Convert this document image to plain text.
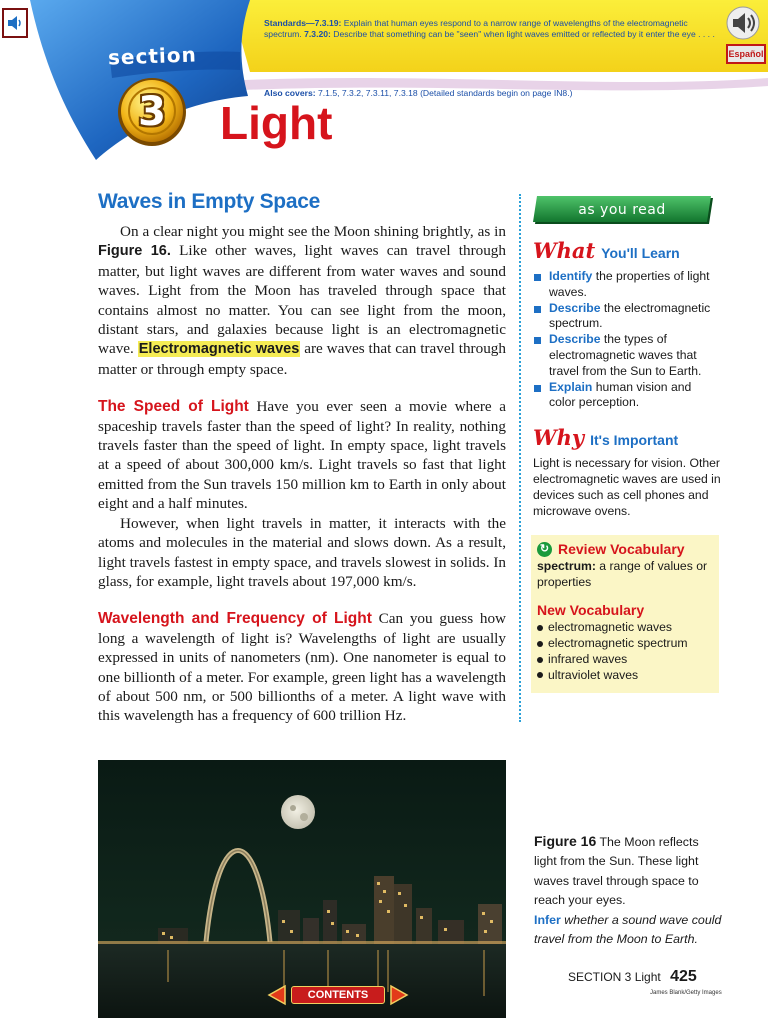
section
3
Standards—7.3.19: Explain that human eyes respond to a narrow range of wavelengths of the electromagnetic spectrum. 7.3.20: Describe that something can be "seen" when light waves emitted or reflected by it enter the eye . . . .
Also covers: 7.1.5, 7.3.2, 7.3.11, 7.3.18 (Detailed standards begin on page IN8.)
Light
Español
Waves in Empty Space

On a clear night you might see the Moon shining brightly, as in Figure 16. Like other waves, light waves can travel through matter, but light waves are different from water waves and sound waves. Light from the Moon has traveled through space that contains almost no matter. You can see light from the moon, distant stars, and galaxies because light is an electromagnetic wave. Electromagnetic waves are waves that can travel through matter or through empty space.

The Speed of Light Have you ever seen a movie where a spaceship travels faster than the speed of light? In reality, nothing travels faster than the speed of light. In empty space, light travels at a speed of about 300,000 km/s. Light travels so fast that light emitted from the Sun travels 150 million km to Earth in only about eight and a half minutes.

However, when light travels in matter, it interacts with the atoms and molecules in the material and slows down. As a result, light travels fastest in empty space, and travels slowest in solids. In glass, for example, light travels about 197,000 km/s.

Wavelength and Frequency of Light Can you guess how long a wavelength of light is? Wavelengths of light are usually expressed in units of nanometers (nm). One nanometer is equal to one billionth of a meter. For example, green light has a wavelength of about 500 nm, or 500 billionths of a meter. A light wave with this wavelength has a frequency of 600 trillion Hz.

as you read
What You'll Learn
Identify the properties of light waves.
Describe the electromagnetic spectrum.
Describe the types of electromagnetic waves that travel from the Sun to Earth.
Explain human vision and color perception.
Why It's Important

Light is necessary for vision. Other electromagnetic waves are used in devices such as cell phones and microwave ovens.

↻ Review Vocabulary

spectrum: a range of values or properties

New Vocabulary
electromagnetic waves
electromagnetic spectrum
infrared waves
ultraviolet waves
CONTENTS
Figure 16 The Moon reflects light from the Sun. These light waves travel through space to reach your eyes.
Infer whether a sound wave could travel from the Moon to Earth.
SECTION 3 Light 425
James Blank/Getty Images
